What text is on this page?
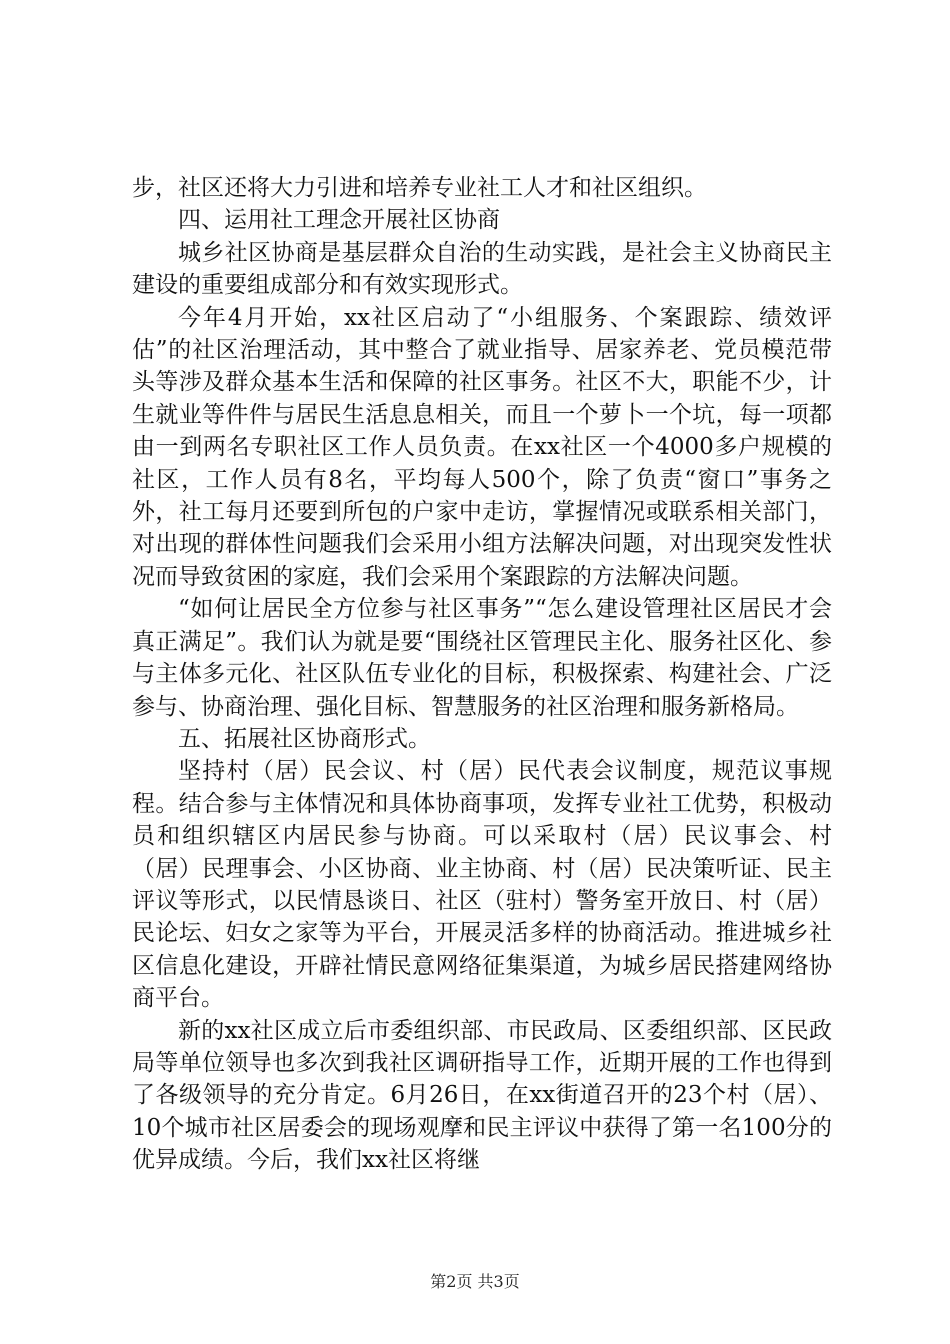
步，社区还将大力引进和培养专业社工人才和社区组织。

四、运用社工理念开展社区协商

城乡社区协商是基层群众自治的生动实践，是社会主义协商民主建设的重要组成部分和有效实现形式。

今年4月开始，xx社区启动了“小组服务、个案跟踪、绩效评估”的社区治理活动，其中整合了就业指导、居家养老、党员模范带头等涉及群众基本生活和保障的社区事务。社区不大，职能不少，计生就业等件件与居民生活息息相关，而且一个萝卜一个坑，每一项都由一到两名专职社区工作人员负责。在xx社区一个4000多户规模的社区，工作人员有8名，平均每人500个，除了负责“窗口”事务之外，社工每月还要到所包的户家中走访，掌握情况或联系相关部门，对出现的群体性问题我们会采用小组方法解决问题，对出现突发性状况而导致贫困的家庭，我们会采用个案跟踪的方法解决问题。

“如何让居民全方位参与社区事务”“怎么建设管理社区居民才会真正满足”。我们认为就是要“围绕社区管理民主化、服务社区化、参与主体多元化、社区队伍专业化的目标，积极探索、构建社会、广泛参与、协商治理、强化目标、智慧服务的社区治理和服务新格局。

五、拓展社区协商形式。

坚持村（居）民会议、村（居）民代表会议制度，规范议事规程。结合参与主体情况和具体协商事项，发挥专业社工优势，积极动员和组织辖区内居民参与协商。可以采取村（居）民议事会、村（居）民理事会、小区协商、业主协商、村（居）民决策听证、民主评议等形式，以民情恳谈日、社区（驻村）警务室开放日、村（居）民论坛、妇女之家等为平台，开展灵活多样的协商活动。推进城乡社区信息化建设，开辟社情民意网络征集渠道，为城乡居民搭建网络协商平台。

新的xx社区成立后市委组织部、市民政局、区委组织部、区民政局等单位领导也多次到我社区调研指导工作，近期开展的工作也得到了各级领导的充分肯定。6月26日，在xx街道召开的23个村（居）、10个城市社区居委会的现场观摩和民主评议中获得了第一名100分的优异成绩。今后，我们xx社区将继

第2页 共3页
